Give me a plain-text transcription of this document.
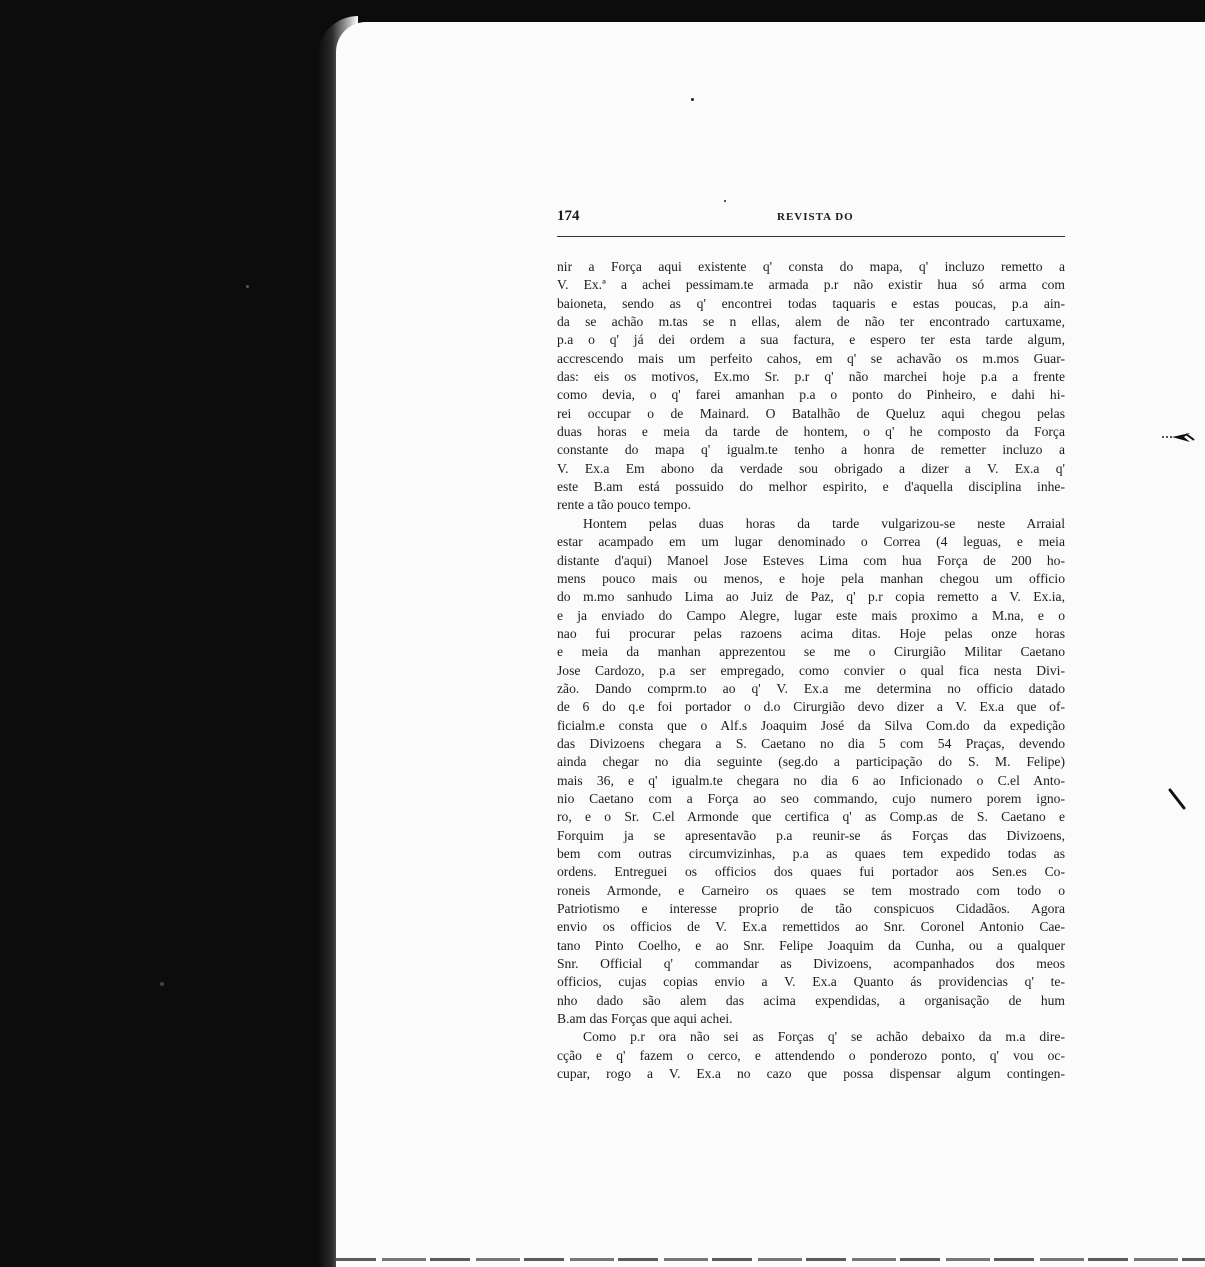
174	REVISTA DO
nir a Força aqui existente q' consta do mapa, q' incluzo remetto a
V. Ex.ª a achei pessimam.te armada p.r não existir hua só arma com
baioneta, sendo as q' encontrei todas taquaris e estas poucas, p.a ain-
da se achão m.tas se n ellas, alem de não ter encontrado cartuxame,
p.a o q' já dei ordem a sua factura, e espero ter esta tarde algum,
accrescendo mais um perfeito cahos, em q' se achavão os m.mos Guar-
das: eis os motivos, Ex.mo Sr. p.r q' não marchei hoje p.a a frente
como devia, o q' farei amanhan p.a o ponto do Pinheiro, e dahi hi-
rei occupar o de Mainard. O Batalhão de Queluz aqui chegou pelas
duas horas e meia da tarde de hontem, o q' he composto da Força
constante do mapa q' igualm.te tenho a honra de remetter incluzo a
V. Ex.a Em abono da verdade sou obrigado a dizer a V. Ex.a q'
este B.am está possuido do melhor espirito, e d'aquella disciplina inhe-
rente a tão pouco tempo.
Hontem pelas duas horas da tarde vulgarizou-se neste Arraial
estar acampado em um lugar denominado o Correa (4 leguas, e meia
distante d'aqui) Manoel Jose Esteves Lima com hua Força de 200 ho-
mens pouco mais ou menos, e hoje pela manhan chegou um officio
do m.mo sanhudo Lima ao Juiz de Paz, q' p.r copia remetto a V. Ex.ia,
e ja enviado do Campo Alegre, lugar este mais proximo a M.na, e o
nao fui procurar pelas razoens acima ditas. Hoje pelas onze horas
e meia da manhan apprezentou se me o Cirurgião Militar Caetano
Jose Cardozo, p.a ser empregado, como convier o qual fica nesta Divi-
zão. Dando comprm.to ao q' V. Ex.a me determina no officio datado
de 6 do q.e foi portador o d.o Cirurgião devo dizer a V. Ex.a que of-
ficialm.e consta que o Alf.s Joaquim José da Silva Com.do da expedição
das Divizoens chegara a S. Caetano no dia 5 com 54 Praças, devendo
ainda chegar no dia seguinte (seg.do a participação do S. M. Felipe)
mais 36, e q' igualm.te chegara no dia 6 ao Inficionado o C.el Anto-
nio Caetano com a Força ao seo commando, cujo numero porem igno-
ro, e o Sr. C.el Armonde que certifica q' as Comp.as de S. Caetano e
Forquim ja se apresentavão p.a reunir-se ás Forças das Divizoens,
bem com outras circumvizinhas, p.a as quaes tem expedido todas as
ordens. Entreguei os officios dos quaes fui portador aos Sen.es Co-
roneis Armonde, e Carneiro os quaes se tem mostrado com todo o
Patriotismo e interesse proprio de tão conspicuos Cidadãos. Agora
envio os officios de V. Ex.a remettidos ao Snr. Coronel Antonio Cae-
tano Pinto Coelho, e ao Snr. Felipe Joaquim da Cunha, ou a qualquer
Snr. Official q' commandar as Divizoens, acompanhados dos meos
officios, cujas copias envio a V. Ex.a Quanto ás providencias q' te-
nho dado são alem das acima expendidas, a organisação de hum
B.am das Forças que aqui achei.
Como p.r ora não sei as Forças q' se achão debaixo da m.a dire-
cção e q' fazem o cerco, e attendendo o ponderozo ponto, q' vou oc-
cupar, rogo a V. Ex.a no cazo que possa dispensar algum contingen-
